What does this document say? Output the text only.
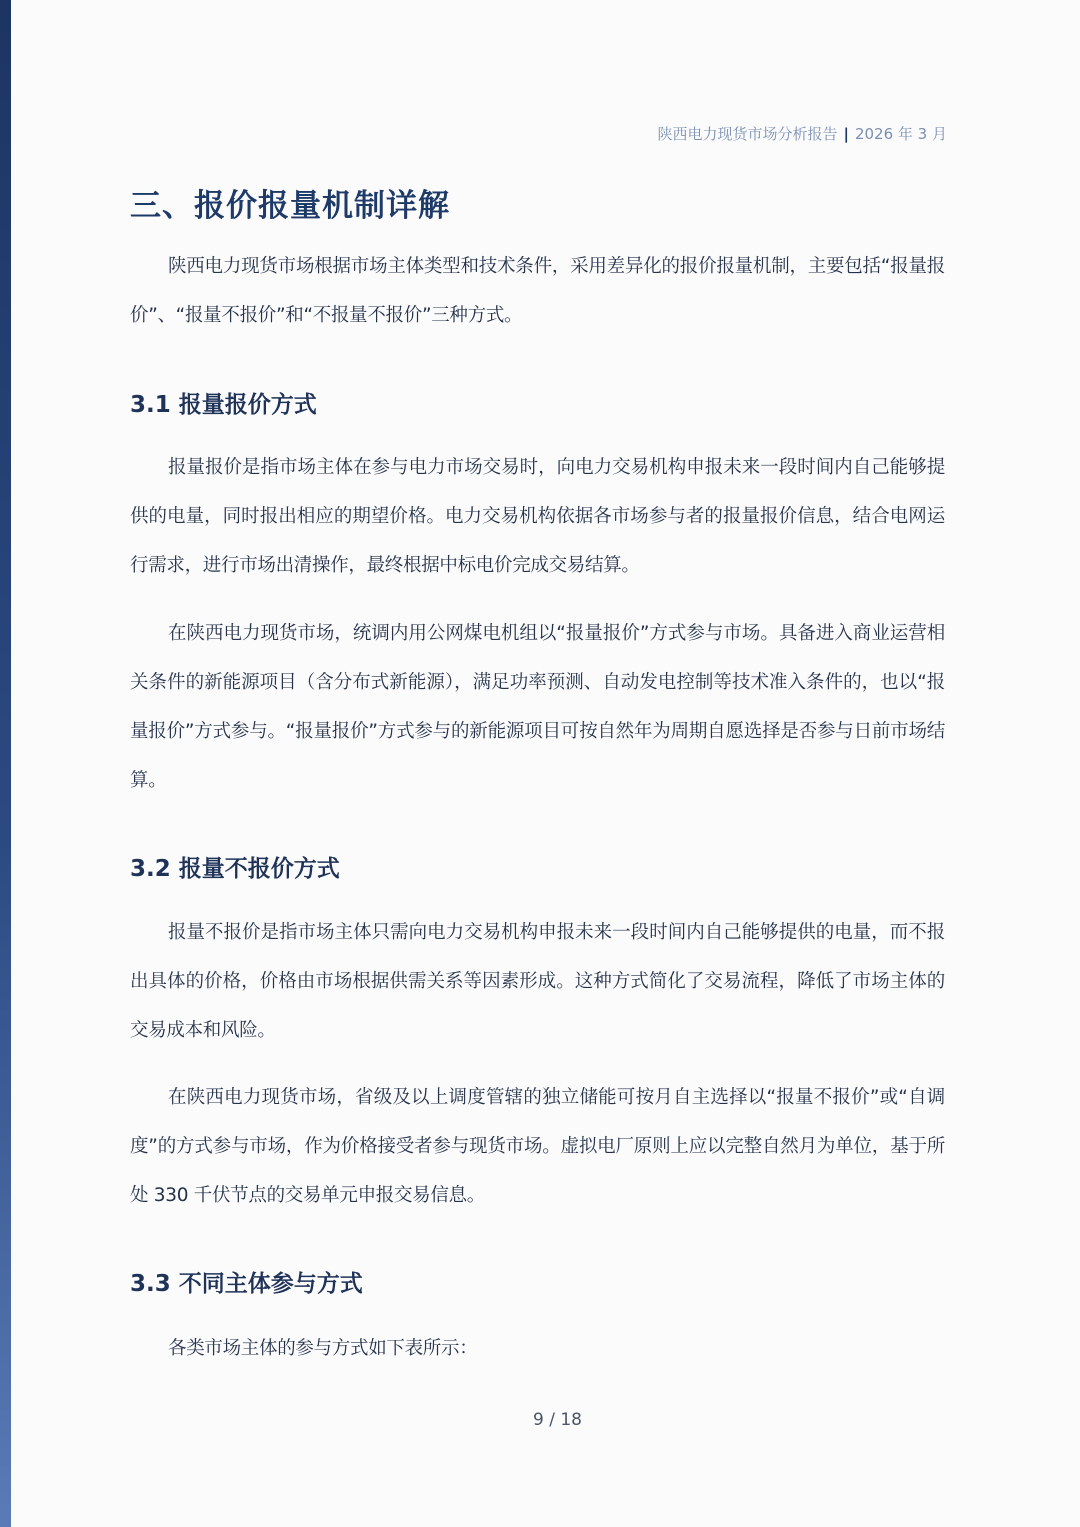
陕西电力现货市场分析报告 | 2026 年 3 月
三、报价报量机制详解

陕西电力现货市场根据市场主体类型和技术条件，采用差异化的报价报量机制，主要包括“报量报价”、“报量不报价”和“不报量不报价”三种方式。

3.1 报量报价方式

报量报价是指市场主体在参与电力市场交易时，向电力交易机构申报未来一段时间内自己能够提供的电量，同时报出相应的期望价格。电力交易机构依据各市场参与者的报量报价信息，结合电网运行需求，进行市场出清操作，最终根据中标电价完成交易结算。

在陕西电力现货市场，统调内用公网煤电机组以“报量报价”方式参与市场。具备进入商业运营相关条件的新能源项目（含分布式新能源），满足功率预测、自动发电控制等技术准入条件的，也以“报量报价”方式参与。“报量报价”方式参与的新能源项目可按自然年为周期自愿选择是否参与日前市场结算。

3.2 报量不报价方式

报量不报价是指市场主体只需向电力交易机构申报未来一段时间内自己能够提供的电量，而不报出具体的价格，价格由市场根据供需关系等因素形成。这种方式简化了交易流程，降低了市场主体的交易成本和风险。

在陕西电力现货市场，省级及以上调度管辖的独立储能可按月自主选择以“报量不报价”或“自调度”的方式参与市场，作为价格接受者参与现货市场。虚拟电厂原则上应以完整自然月为单位，基于所处 330 千伏节点的交易单元申报交易信息。

3.3 不同主体参与方式

各类市场主体的参与方式如下表所示：

9 / 18
